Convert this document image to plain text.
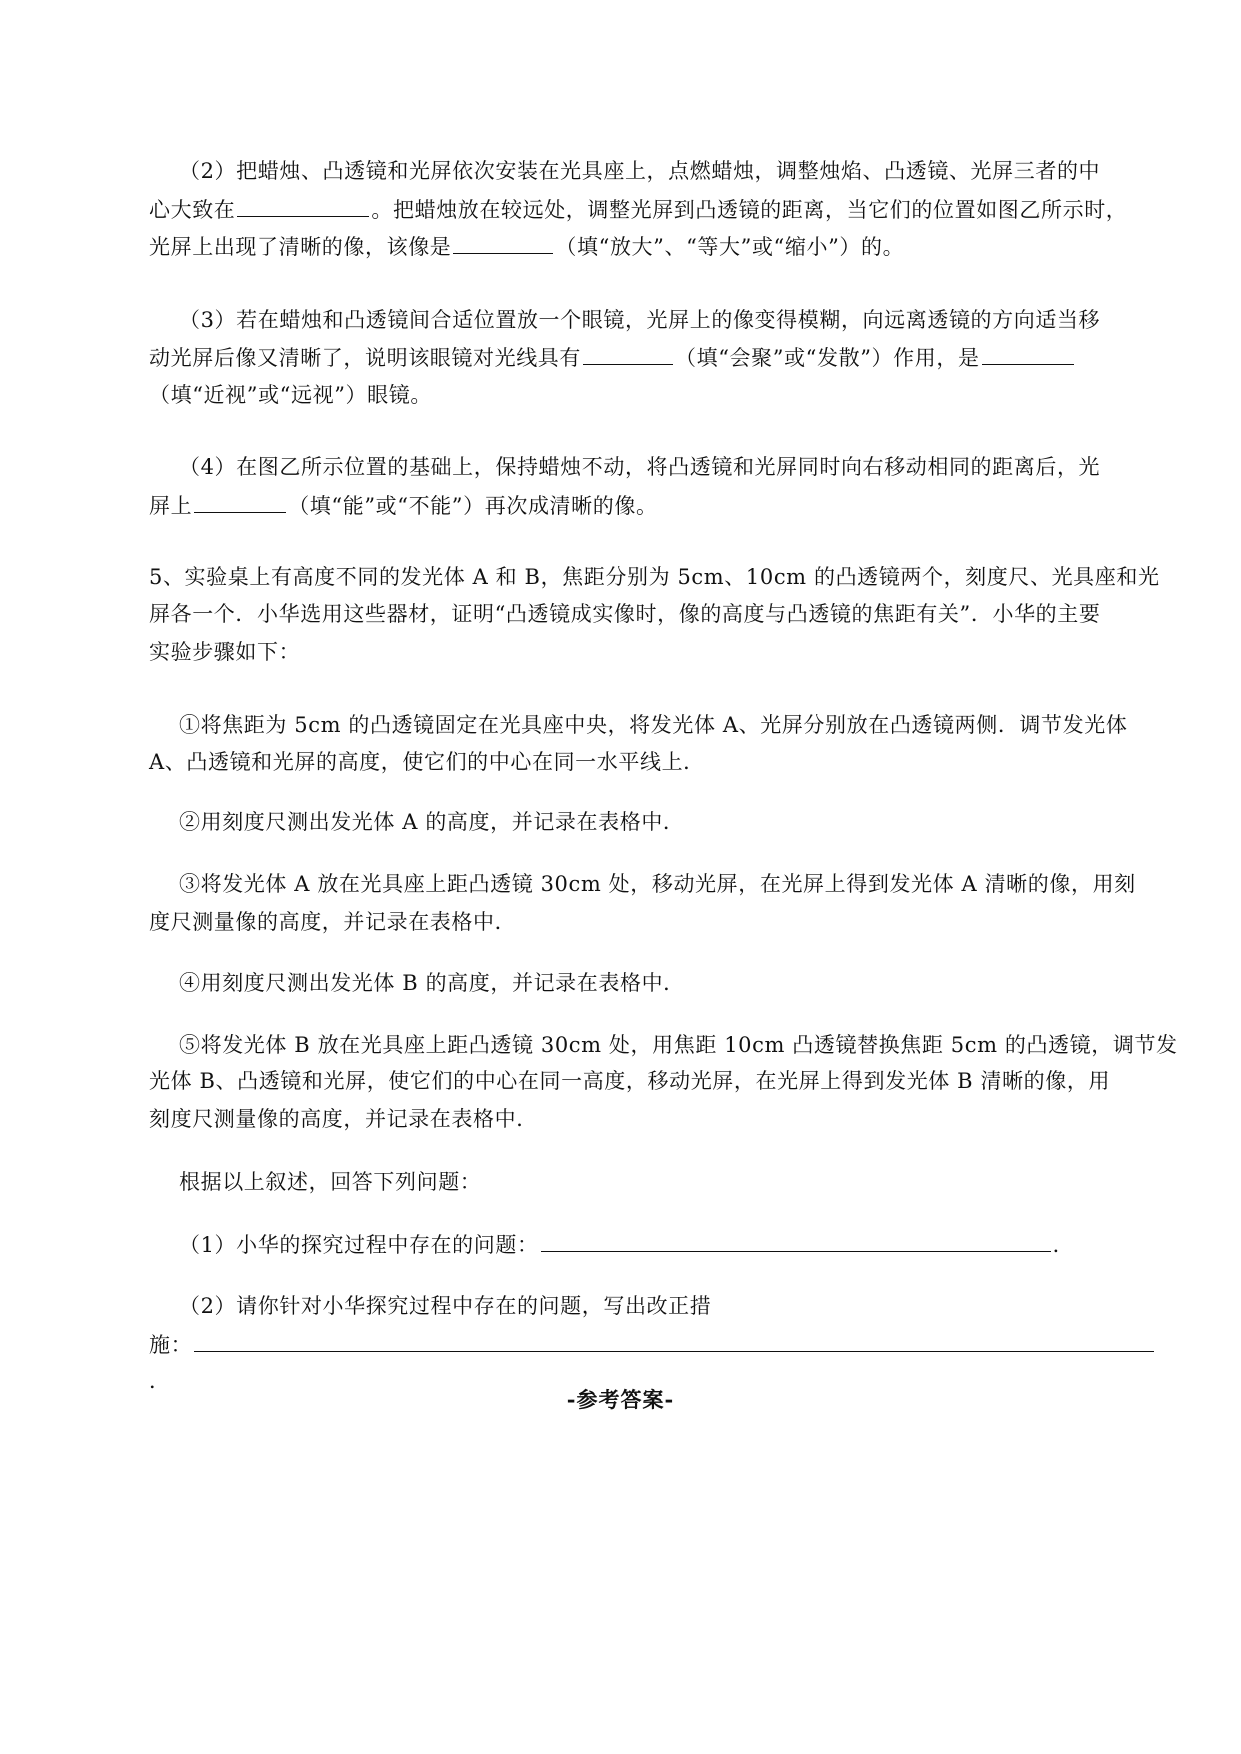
（2）把蜡烛、凸透镜和光屏依次安装在光具座上，点燃蜡烛，调整烛焰、凸透镜、光屏三者的中
心大致在	。把蜡烛放在较远处，调整光屏到凸透镜的距离，当它们的位置如图乙所示时，
光屏上出现了清晰的像，该像是	（填“放大”、“等大”或“缩小”）的。
（3）若在蜡烛和凸透镜间合适位置放一个眼镜，光屏上的像变得模糊，向远离透镜的方向适当移
动光屏后像又清晰了，说明该眼镜对光线具有	（填“会聚”或“发散”）作用，是
（填“近视”或“远视”）眼镜。
（4）在图乙所示位置的基础上，保持蜡烛不动，将凸透镜和光屏同时向右移动相同的距离后，光
屏上	（填“能”或“不能”）再次成清晰的像。
5、实验桌上有高度不同的发光体 A 和 B，焦距分别为 5cm、10cm 的凸透镜两个，刻度尺、光具座和光
屏各一个．小华选用这些器材，证明“凸透镜成实像时，像的高度与凸透镜的焦距有关”．小华的主要
实验步骤如下：
①将焦距为 5cm 的凸透镜固定在光具座中央，将发光体 A、光屏分别放在凸透镜两侧．调节发光体
A、凸透镜和光屏的高度，使它们的中心在同一水平线上．
②用刻度尺测出发光体 A 的高度，并记录在表格中．
③将发光体 A 放在光具座上距凸透镜 30cm 处，移动光屏，在光屏上得到发光体 A 清晰的像，用刻
度尺测量像的高度，并记录在表格中．
④用刻度尺测出发光体 B 的高度，并记录在表格中．
⑤将发光体 B 放在光具座上距凸透镜 30cm 处，用焦距 10cm 凸透镜替换焦距 5cm 的凸透镜，调节发
光体 B、凸透镜和光屏，使它们的中心在同一高度，移动光屏，在光屏上得到发光体 B 清晰的像，用
刻度尺测量像的高度，并记录在表格中．
根据以上叙述，回答下列问题：
（1）小华的探究过程中存在的问题：	．
（2）请你针对小华探究过程中存在的问题，写出改正措
施：
．
-参考答案-
